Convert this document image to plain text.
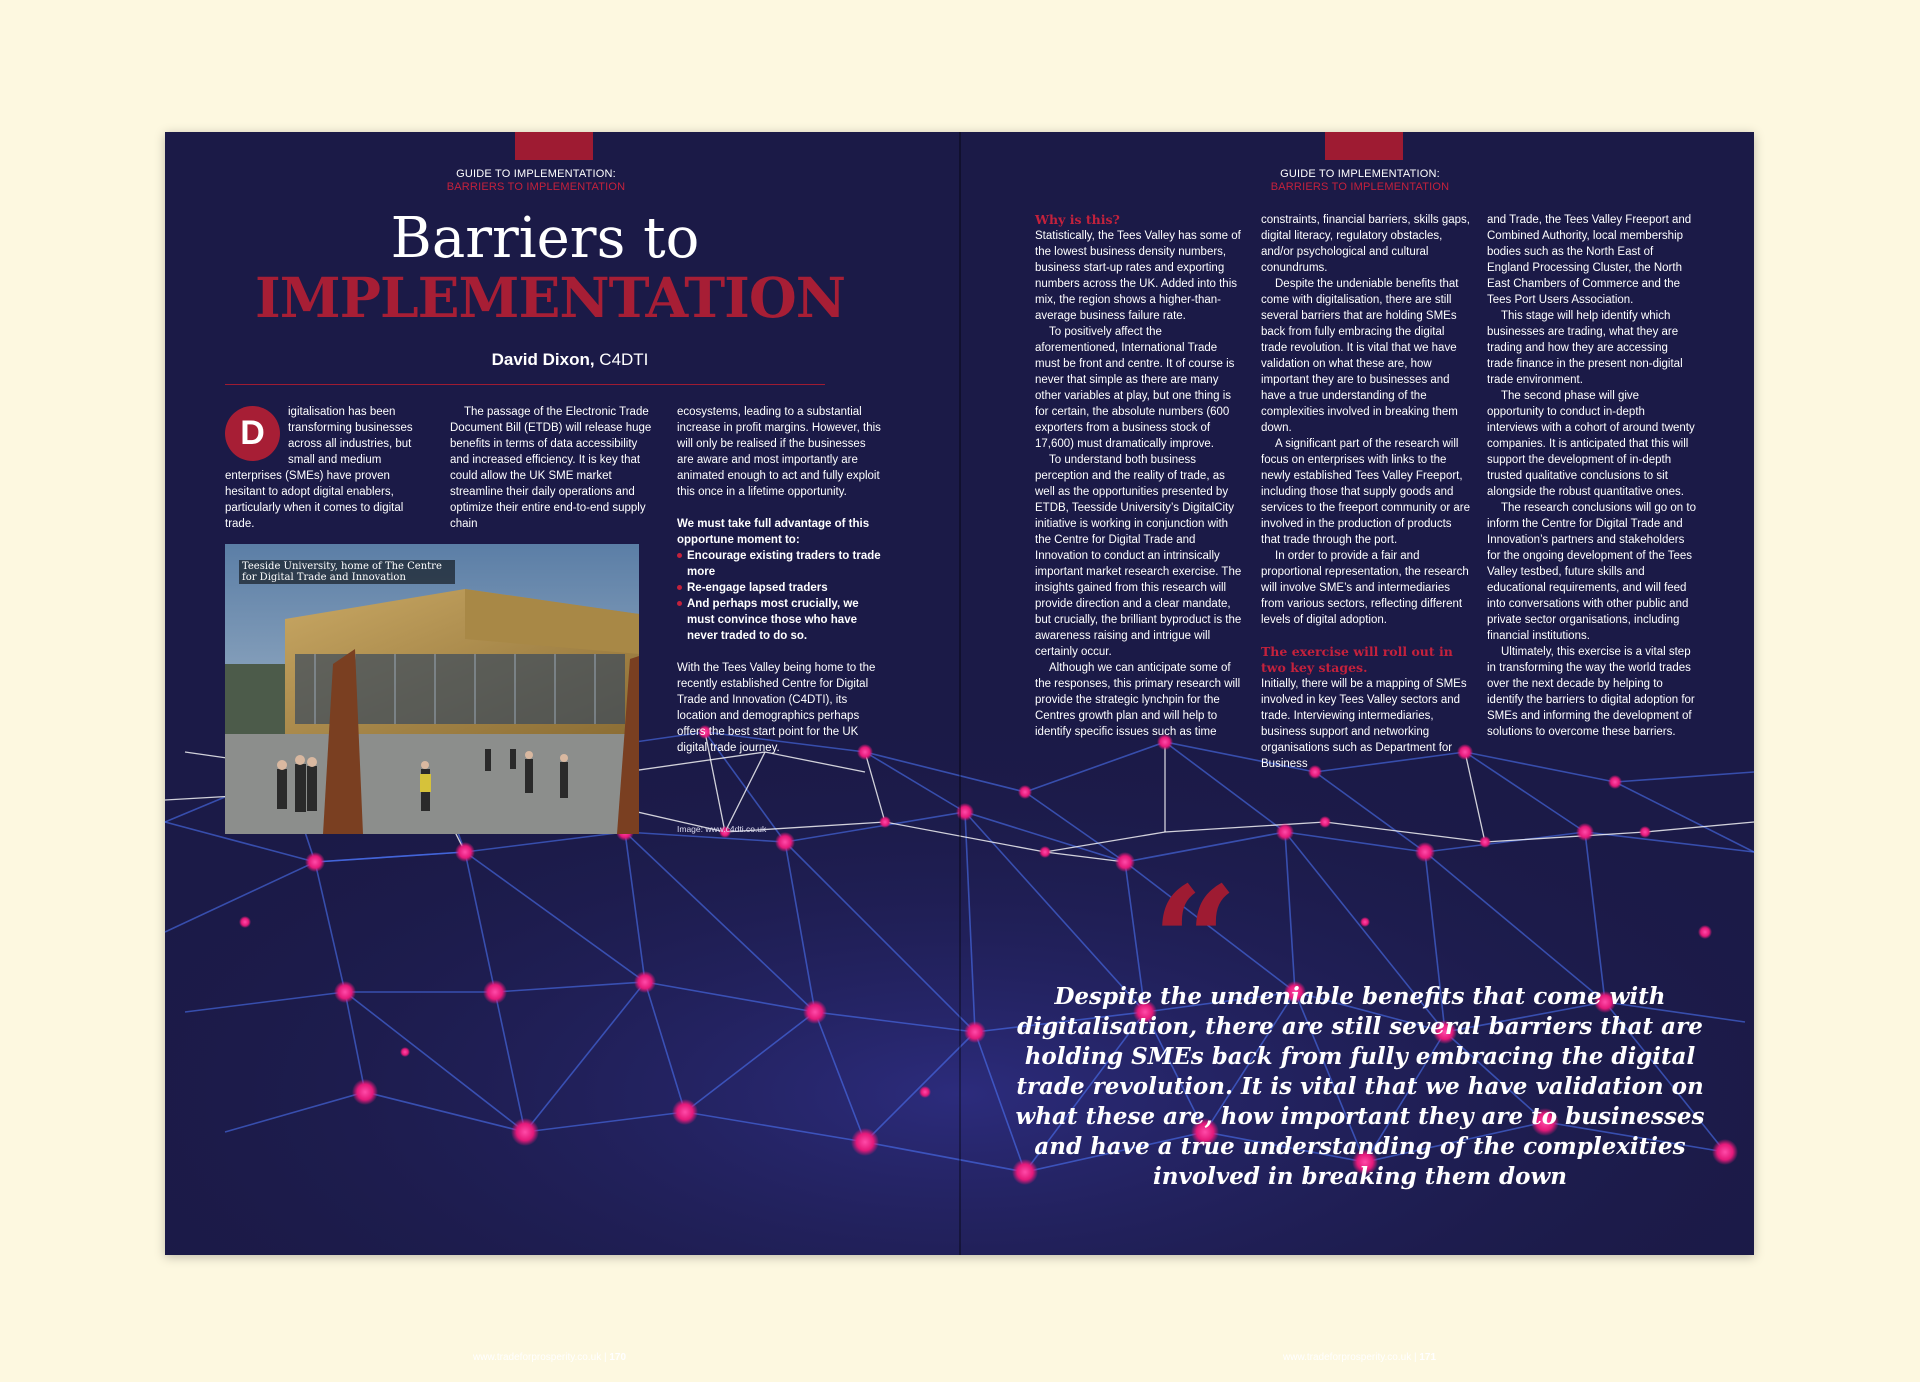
GUIDE TO IMPLEMENTATION:
BARRIERS TO IMPLEMENTATION
Barriers to
IMPLEMENTATION
David Dixon, C4DTI
D

igitalisation has been transforming businesses across all industries, but small and medium enterprises (SMEs) have proven hesitant to adopt digital enablers, particularly when it comes to digital trade.

The passage of the Electronic Trade Document Bill (ETDB) will release huge benefits in terms of data accessibility and increased efficiency. It is key that could allow the UK SME market streamline their daily operations and optimize their entire end-to-end supply chain

ecosystems, leading to a substantial increase in profit margins. However, this will only be realised if the businesses are aware and most importantly are animated enough to act and fully exploit this once in a lifetime opportunity.

We must take full advantage of this opportune moment to:

Encourage existing traders to trade more
Re-engage lapsed traders
And perhaps most crucially, we must convince those who have never traded to do so.

With the Tees Valley being home to the recently established Centre for Digital Trade and Innovation (C4DTI), its location and demographics perhaps offers the best start point for the UK digital trade journey.

Teeside University, home of The Centre for Digital Trade and Innovation
Image: www.c4dti.co.uk
www.tradeforprosperity.co.uk | 170
GUIDE TO IMPLEMENTATION:
BARRIERS TO IMPLEMENTATION
Why is this?

Statistically, the Tees Valley has some of the lowest business density numbers, business start-up rates and exporting numbers across the UK. Added into this mix, the region shows a higher-than-average business failure rate.

To positively affect the aforementioned, International Trade must be front and centre. It of course is never that simple as there are many other variables at play, but one thing is for certain, the absolute numbers (600 exporters from a business stock of 17,600) must dramatically improve.

To understand both business perception and the reality of trade, as well as the opportunities presented by ETDB, Teesside University’s DigitalCity initiative is working in conjunction with the Centre for Digital Trade and Innovation to conduct an intrinsically important market research exercise. The insights gained from this research will provide direction and a clear mandate, but crucially, the brilliant byproduct is the awareness raising and intrigue will certainly occur.

Although we can anticipate some of the responses, this primary research will provide the strategic lynchpin for the Centres growth plan and will help to identify specific issues such as time

constraints, financial barriers, skills gaps, digital literacy, regulatory obstacles, and/or psychological and cultural conundrums.

Despite the undeniable benefits that come with digitalisation, there are still several barriers that are holding SMEs back from fully embracing the digital trade revolution. It is vital that we have validation on what these are, how important they are to businesses and have a true understanding of the complexities involved in breaking them down.

A significant part of the research will focus on enterprises with links to the newly established Tees Valley Freeport, including those that supply goods and services to the freeport community or are involved in the production of products that trade through the port.

In order to provide a fair and proportional representation, the research will involve SME’s and intermediaries from various sectors, reflecting different levels of digital adoption.

The exercise will roll out in two key stages.

Initially, there will be a mapping of SMEs involved in key Tees Valley sectors and trade. Interviewing intermediaries, business support and networking organisations such as Department for Business

and Trade, the Tees Valley Freeport and Combined Authority, local membership bodies such as the North East of England Processing Cluster, the North East Chambers of Commerce and the Tees Port Users Association.

This stage will help identify which businesses are trading, what they are trading and how they are accessing trade finance in the present non-digital trade environment.

The second phase will give opportunity to conduct in-depth interviews with a cohort of around twenty companies. It is anticipated that this will support the development of in-depth trusted qualitative conclusions to sit alongside the robust quantitative ones.

The research conclusions will go on to inform the Centre for Digital Trade and Innovation’s partners and stakeholders for the ongoing development of the Tees Valley testbed, future skills and educational requirements, and will feed into conversations with other public and private sector organisations, including financial institutions.

Ultimately, this exercise is a vital step in transforming the way the world trades over the next decade by helping to identify the barriers to digital adoption for SMEs and informing the development of solutions to overcome these barriers.

“
Despite the undeniable benefits that come with digitalisation, there are still several barriers that are holding SMEs back from fully embracing the digital trade revolution. It is vital that we have validation on what these are, how important they are to businesses and have a true understanding of the complexities involved in breaking them down
www.tradeforprosperity.co.uk | 171
